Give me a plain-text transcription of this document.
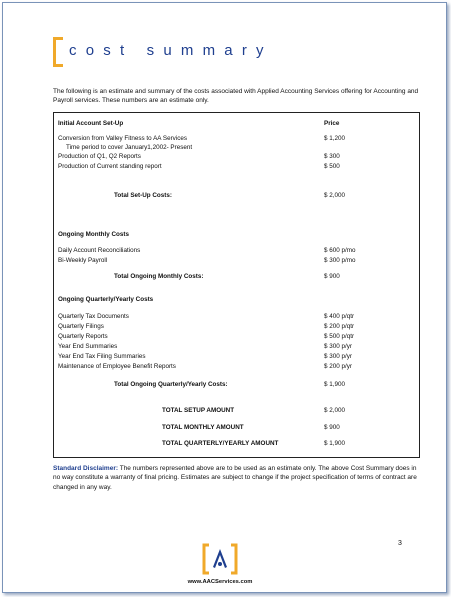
cost summary
The following is an estimate and summary of the costs associated with Applied Accounting Services offering for Accounting and Payroll services. These numbers are an estimate only.
Initial Account Set-Up	Price
Conversion from Valley Fitness to AA Services	$ 1,200
Time period to cover January1,2002- Present
Production of Q1, Q2 Reports	$ 300
Production of Current standing report	$ 500
Total Set-Up Costs:	$ 2,000
Ongoing Monthly Costs
Daily Account Reconciliations	$ 600 p/mo
Bi-Weekly Payroll	$ 300 p/mo
Total Ongoing Monthly Costs:	$ 900
Ongoing Quarterly/Yearly Costs
Quarterly Tax Documents	$ 400 p/qtr
Quarterly Filings	$ 200 p/qtr
Quarterly Reports	$ 500 p/qtr
Year End Summaries	$ 300 p/yr
Year End Tax Filing Summaries	$ 300 p/yr
Maintenance of Employee Benefit Reports	$ 200 p/yr
Total Ongoing Quarterly/Yearly Costs:	$ 1,900
TOTAL SETUP AMOUNT	$ 2,000
TOTAL MONTHLY AMOUNT	$ 900
TOTAL QUARTERLY/YEARLY AMOUNT	$ 1,900
Standard Disclaimer: The numbers represented above are to be used as an estimate only. The above Cost Summary does in no way constitute a warranty of final pricing. Estimates are subject to change if the project specification of terms of contract are changed in any way.
3
www.AACServices.com
